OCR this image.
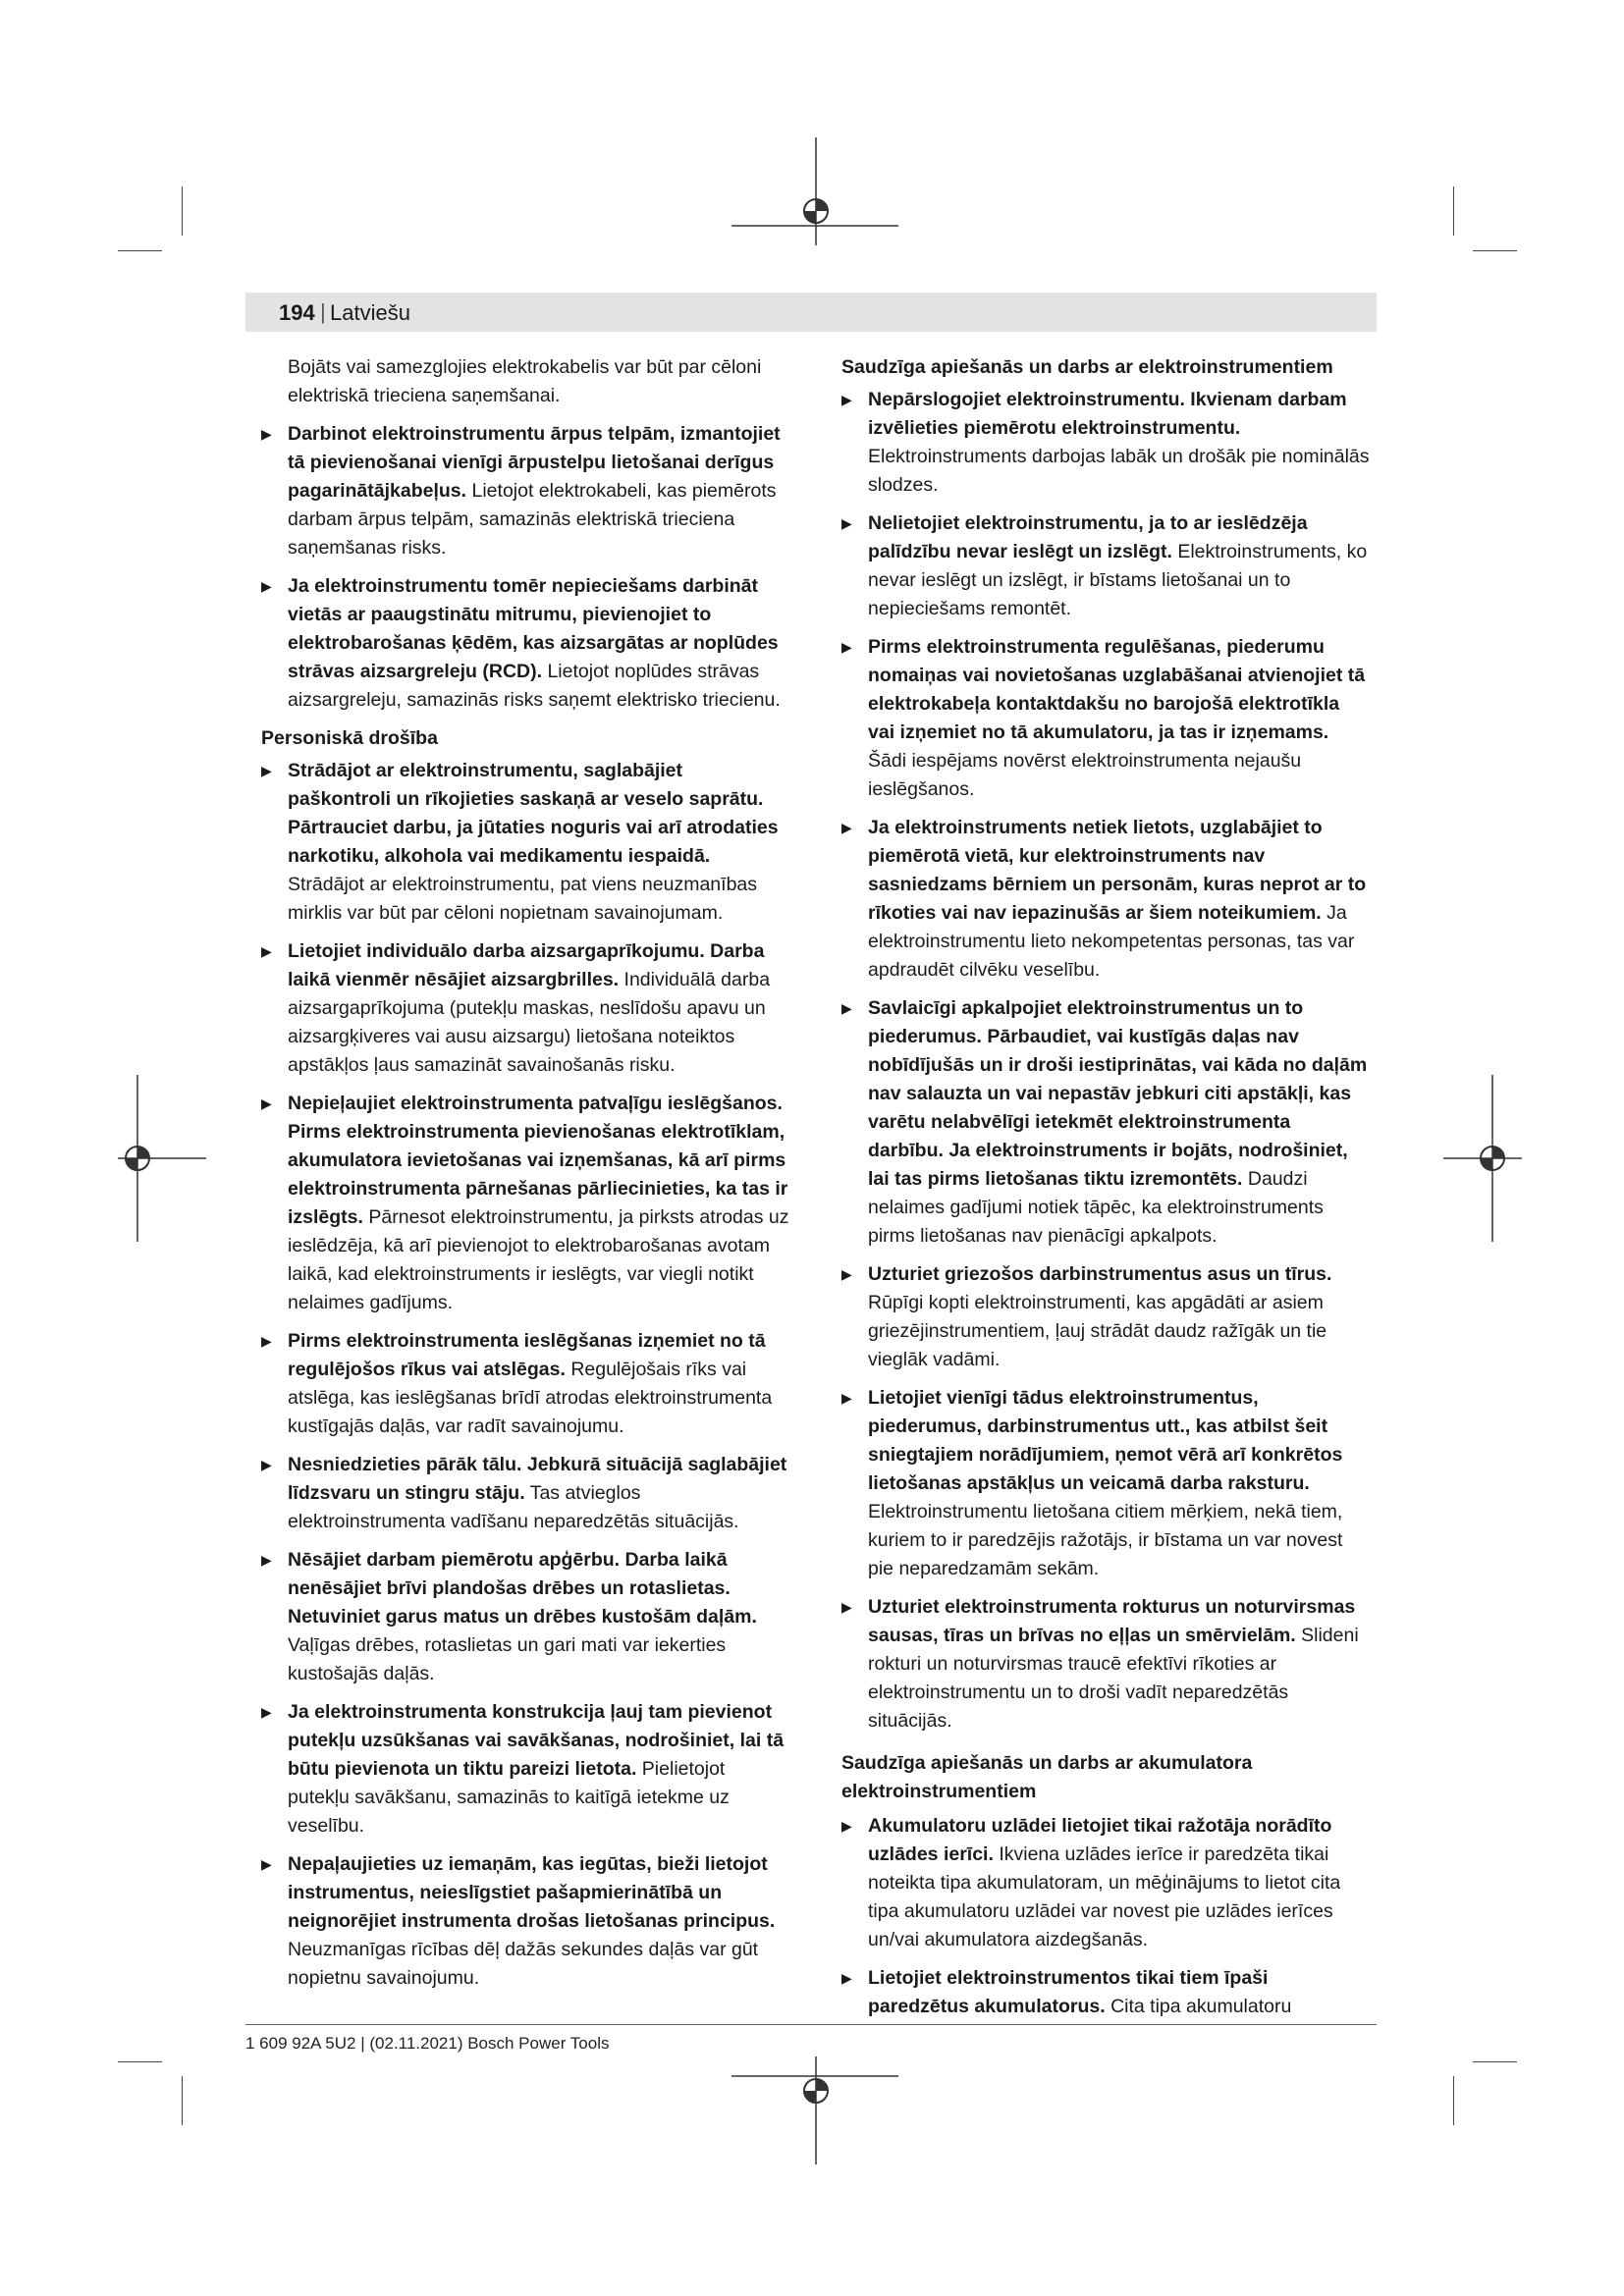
194 | Latviešu
Bojāts vai samezglojies elektrokabelis var būt par cēloni elektriskā trieciena saņemšanai.
▶ Darbinot elektroinstrumentu ārpus telpām, izmantojiet tā pievienošanai vienīgi ārpustelpu lietošanai derīgus pagarinātājkabeļus. Lietojot elektrokabeli, kas piemērots darbam ārpus telpām, samazinās elektriskā trieciena saņemšanas risks.
▶ Ja elektroinstrumentu tomēr nepieciešams darbināt vietās ar paaugstinātu mitrumu, pievienojiet to elektrobarošanas ķēdēm, kas aizsargātas ar noplūdes strāvas aizsargreleju (RCD). Lietojot noplūdes strāvas aizsargreleju, samazinās risks saņemt elektrisko triecienu.
Personiskā drošība
▶ Strādājot ar elektroinstrumentu, saglabājiet paškontroli un rīkojieties saskaņā ar veselo saprātu. Pārtrauciet darbu, ja jūtaties noguris vai arī atrodaties narkotiku, alkohola vai medikamentu iespaidā. Strādājot ar elektroinstrumentu, pat viens neuzmanības mirklis var būt par cēloni nopietnam savainojumam.
▶ Lietojiet individuālo darba aizsargaprīkojumu. Darba laikā vienmēr nēsājiet aizsargbrilles. Individuālā darba aizsargaprīkojuma (putekļu maskas, neslīdošu apavu un aizsargķiveres vai ausu aizsargu) lietošana noteiktos apstākļos ļaus samazināt savainošanās risku.
▶ Nepieļaujiet elektroinstrumenta patvaļīgu ieslēgšanos. Pirms elektroinstrumenta pievienošanas elektrotīklam, akumulatora ievietošanas vai izņemšanas, kā arī pirms elektroinstrumenta pārnešanas pārliecinieties, ka tas ir izslēgts. Pārnesot elektroinstrumentu, ja pirksts atrodas uz ieslēdzēja, kā arī pievienojot to elektrobarošanas avotam laikā, kad elektroinstruments ir ieslēgts, var viegli notikt nelaimes gadījums.
▶ Pirms elektroinstrumenta ieslēgšanas izņemiet no tā regulējošos rīkus vai atslēgas. Regulējošais rīks vai atslēga, kas ieslēgšanas brīdī atrodas elektroinstrumenta kustīgajās daļās, var radīt savainojumu.
▶ Nesniedzieties pārāk tālu. Jebkurā situācijā saglabājiet līdzsvaru un stingru stāju. Tas atvieglos elektroinstrumenta vadīšanu neparedzētās situācijās.
▶ Nēsājiet darbam piemērotu apģērbu. Darba laikā nenēsājiet brīvi plandošas drēbes un rotaslietas. Netuviniet garus matus un drēbes kustošām daļām. Vaļīgas drēbes, rotaslietas un gari mati var iekerties kustošajās daļās.
▶ Ja elektroinstrumenta konstrukcija ļauj tam pievienot putekļu uzsūkšanas vai savākšanas, nodrošiniet, lai tā būtu pievienota un tiktu pareizi lietota. Pielietojot putekļu savākšanu, samazinās to kaitīgā ietekme uz veselību.
▶ Nepaļaujieties uz iemaņām, kas iegūtas, bieži lietojot instrumentus, neieslīgstiet pašapmierinātībā un neignorējiet instrumenta drošas lietošanas principus. Neuzmanīgas rīcības dēļ dažās sekundes daļās var gūt nopietnu savainojumu.
Saudzīga apiešanās un darbs ar elektroinstrumentiem
▶ Nepārslogojiet elektroinstrumentu. Ikvienam darbam izvēlieties piemērotu elektroinstrumentu. Elektroinstruments darbojas labāk un drošāk pie nominālās slodzes.
▶ Nelietojiet elektroinstrumentu, ja to ar ieslēdzēja palīdzību nevar ieslēgt un izslēgt. Elektroinstruments, ko nevar ieslēgt un izslēgt, ir bīstams lietošanai un to nepieciešams remontēt.
▶ Pirms elektroinstrumenta regulēšanas, piederumu nomaiņas vai novietošanas uzglabāšanai atvienojiet tā elektrokabeļa kontaktdakšu no barojošā elektrotīkla vai izņemiet no tā akumulatoru, ja tas ir izņemams. Šādi iespējams novērst elektroinstrumenta nejaušu ieslēgšanos.
▶ Ja elektroinstruments netiek lietots, uzglabājiet to piemērotā vietā, kur elektroinstruments nav sasniedzams bērniem un personām, kuras neprot ar to rīkoties vai nav iepazinušās ar šiem noteikumiem. Ja elektroinstrumentu lieto nekompetentas personas, tas var apdraudēt cilvēku veselību.
▶ Savlaicīgi apkalpojiet elektroinstrumentus un to piederumus. Pārbaudiet, vai kustīgās daļas nav nobīdījušās un ir droši iestiprinātas, vai kāda no daļām nav salauzta un vai nepastāv jebkuri citi apstākļi, kas varētu nelabvēlīgi ietekmēt elektroinstrumenta darbību. Ja elektroinstruments ir bojāts, nodrošiniet, lai tas pirms lietošanas tiktu izremontēts. Daudzi nelaimes gadījumi notiek tāpēc, ka elektroinstruments pirms lietošanas nav pienācīgi apkalpots.
▶ Uzturiet griezošos darbinstrumentus asus un tīrus. Rūpīgi kopti elektroinstrumenti, kas apgādāti ar asiem griezējinstrumentiem, ļauj strādāt daudz ražīgāk un tie vieglāk vadāmi.
▶ Lietojiet vienīgi tādus elektroinstrumentus, piederumus, darbinstrumentus utt., kas atbilst šeit sniegtajiem norādījumiem, ņemot vērā arī konkrētos lietošanas apstākļus un veicamā darba raksturu. Elektroinstrumentu lietošana citiem mērķiem, nekā tiem, kuriem to ir paredzējis ražotājs, ir bīstama un var novest pie neparedzamām sekām.
▶ Uzturiet elektroinstrumenta rokturus un noturvirsmas sausas, tīras un brīvas no eļļas un smērvielām. Slideni rokturi un noturvirsmas traucē efektīvi rīkoties ar elektroinstrumentu un to droši vadīt neparedzētās situācijās.
Saudzīga apiešanās un darbs ar akumulatora elektroinstrumentiem
▶ Akumulatoru uzlādei lietojiet tikai ražotāja norādīto uzlādes ierīci. Ikviena uzlādes ierīce ir paredzēta tikai noteikta tipa akumulatoram, un mēģinājums to lietot cita tipa akumulatoru uzlādei var novest pie uzlādes ierīces un/vai akumulatora aizdegšanās.
▶ Lietojiet elektroinstrumentos tikai tiem īpaši paredzētus akumulatorus. Cita tipa akumulatoru
1 609 92A 5U2 | (02.11.2021) Bosch Power Tools
